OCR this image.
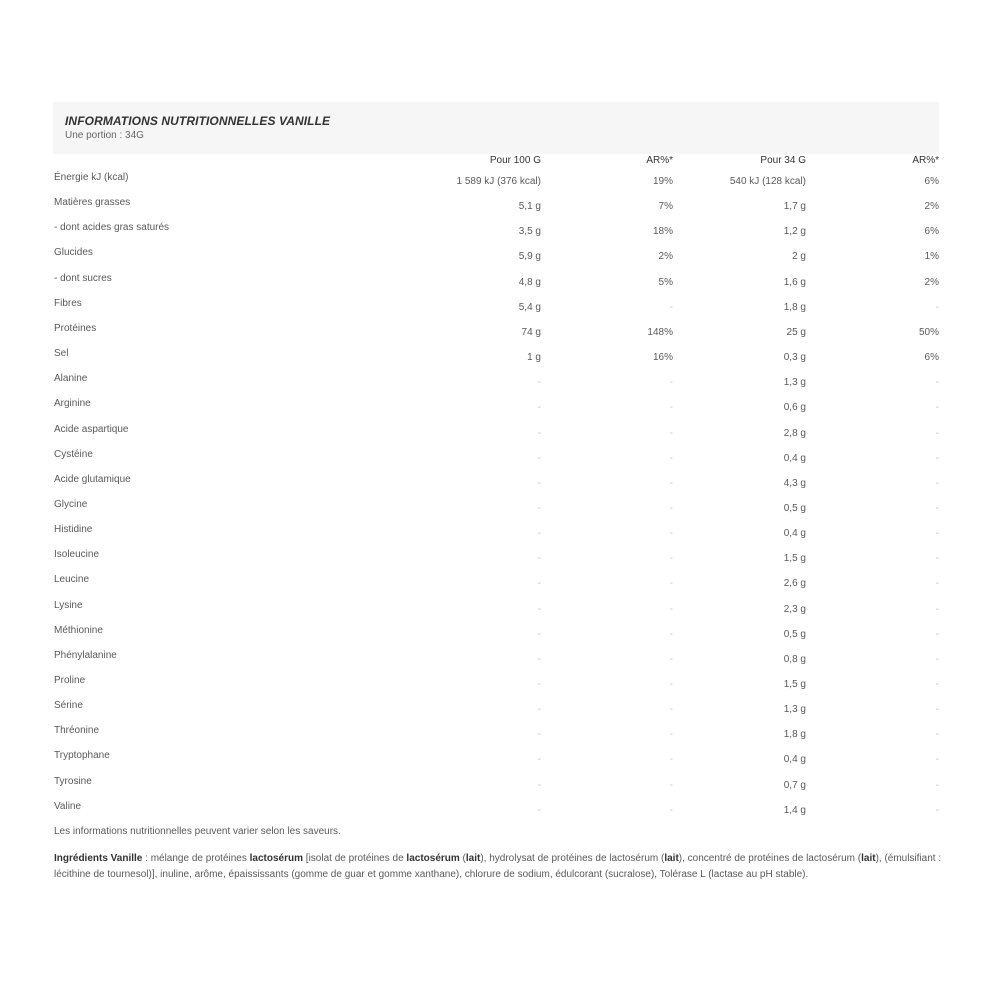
INFORMATIONS NUTRITIONNELLES VANILLE
Une portion : 34G
Pour 100 G	AR%*	Pour 34 G	AR%*
Énergie kJ (kcal)	1 589 kJ (376 kcal)	19%	540 kJ (128 kcal)	6%
Matières grasses	5,1 g	7%	1,7 g	2%
- dont acides gras saturés	3,5 g	18%	1,2 g	6%
Glucides	5,9 g	2%	2 g	1%
- dont sucres	4,8 g	5%	1,6 g	2%
Fibres	5,4 g	-	1,8 g	-
Protéines	74 g	148%	25 g	50%
Sel	1 g	16%	0,3 g	6%
Alanine	-	-	1,3 g	-
Arginine	-	-	0,6 g	-
Acide aspartique	-	-	2,8 g	-
Cystéine	-	-	0,4 g	-
Acide glutamique	-	-	4,3 g	-
Glycine	-	-	0,5 g	-
Histidine	-	-	0,4 g	-
Isoleucine	-	-	1,5 g	-
Leucine	-	-	2,6 g	-
Lysine	-	-	2,3 g	-
Méthionine	-	-	0,5 g	-
Phénylalanine	-	-	0,8 g	-
Proline	-	-	1,5 g	-
Sérine	-	-	1,3 g	-
Thréonine	-	-	1,8 g	-
Tryptophane	-	-	0,4 g	-
Tyrosine	-	-	0,7 g	-
Valine	-	-	1,4 g	-
Les informations nutritionnelles peuvent varier selon les saveurs.
Ingrédients Vanille : mélange de protéines lactosérum [isolat de protéines de lactosérum (lait), hydrolysat de protéines de lactosérum (lait), concentré de protéines de lactosérum (lait), (émulsifiant : lécithine de tournesol)], inuline, arôme, épaississants (gomme de guar et gomme xanthane), chlorure de sodium, édulcorant (sucralose), Tolérase L (lactase au pH stable).
